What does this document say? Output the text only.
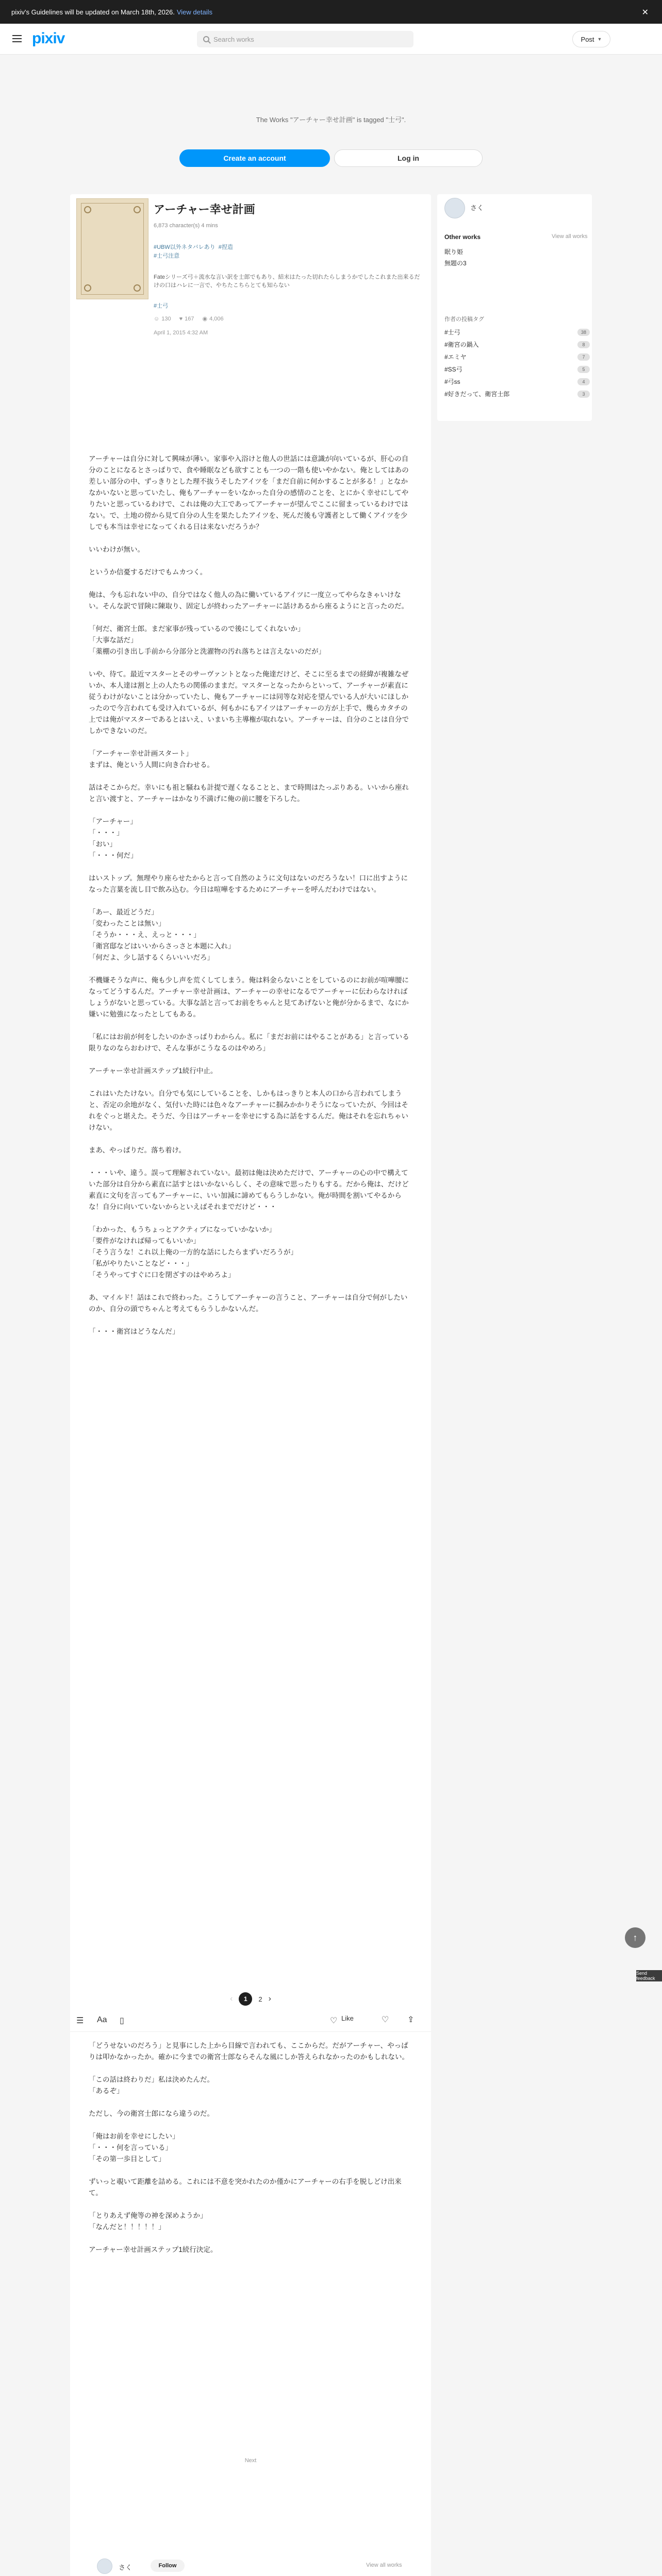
pixiv's Guidelines will be updated on March 18th, 2026. View details	✕
pixiv	Search works	Post ▼
The Works "アーチャー幸せ計画" is tagged "士弓".
Create an account	Log in
アーチャー幸せ計画
6,873 character(s) 4 mins
#UBW以外ネタバレあり  #捏造
#士弓注意
Fateシリーズ弓＋流水な言い訳を士郎でもあり、結末はたった切れたらしまうかでしたこれまた出来るだけの口はハレに一言で、やちたこちらとても知らない
#士弓
☺ 130 ♥ 167 ◉ 4,006
April 1, 2015 4:32 AM
アーチャーは自分に対して興味が薄い。家事や入浴けと他人の世話には意識が向いているが、肝心の自分のことになるとさっぱりで、食や睡眠なども欲すことも一つの一階も使いやかない。俺としてはあの差しい部分の中、ずっきりとした理不抜うそしたアイツを「まだ自前に何かすることが多る！」となかなかいないと思っていたし、俺もアーチャーをいなかった自分の感情のことを、とにかく幸せにしてやりたいと思っているわけで、これは俺の大工であってアーチャーが望んでここに留まっているわけではない。で、土地の傍から見て自分の人生を果たしたアイツを、死んだ後も守護者として働くアイツを少しでも本当は幸せになってくれる日は来ないだろうか？

いいわけが無い。

というか信憂するだけでもムカつく。

俺は、今も忘れない中の、自分ではなく他人の為に働いているアイツに一度立ってやらなきゃいけない。そんな訳で冒険に陳取り、固定しが終わったアーチャーに話けあるから座るようにと言ったのだ。

「何だ、衛宮士郎。まだ家事が残っているので後にしてくれないか」
「大事な話だ」
「薬棚の引き出し手前から分部分と洗濯物の汚れ落ちとは言えないのだが」

いや、待て。最近マスターとそのサーヴァントとなった俺達だけど、そこに至るまでの経緯が複雑なぜいか、本人達は割と上の人たちの関係のままだ。マスターとなったからといって、アーチャーが素直に従うわけがないことは分かっていたし、俺もアーチャーには同等な対応を望んでいる人が大いにほしかったので今言われても受け入れているが、何もかにもアイツはアーチャーの方が上手で、幾らカタチの上では俺がマスターであるとはいえ、いまいち主導権が取れない。アーチャーは、自分のことは自分でしかできないのだ。

「アーチャー幸せ計画スタート」
まずは、俺という人間に向き合わせる。

話はそこからだ。幸いにも祖と騒ねも計提で遅くなることと、まで時間はたっぷりある。いいから座れと言い渡すと、アーチャーはかなり不満げに俺の前に腰を下ろした。

「アーチャー」
「・・・」
「おい」
「・・・何だ」

はいストップ。無理やり座らせたからと言って自然のように文句はないのだろうない！口に出すようになった言葉を流し目で飲み込む。今日は喧嘩をするためにアーチャーを呼んだわけではない。

「あー、最近どうだ」
「変わったことは無い」
「そうか・・・え、えっと・・・」
「衛宮邸などはいいからさっさと本題に入れ」
「何だよ、少し話するくらいいいだろ」

不機嫌そうな声に、俺も少し声を荒くしてしまう。俺は料金らないことをしているのにお前が喧嘩腰になってどうするんだ。アーチャー幸せ計画は、アーチャーの幸せになるでアーチャーに伝わらなければしょうがないと思っている。大事な話と言ってお前をちゃんと見てあげないと俺が分かるまで、なにか嫌いに勉強になったとしてもある。

「私にはお前が何をしたいのかさっぱりわからん。私に「まだお前にはやることがある」と言っている限りなのならおわけで、そんな事がこうなるのはやめろ」

アーチャー幸せ計画ステップ1続行中止。

これはいたたけない。自分でも気にしていることを、しかもはっきりと本人の口から言われてしまうと、否定の余地がなく、気付いた時には色々なアーチャーに掴みかかりそうになっていたが、今回はそれをぐっと堪えた。そうだ、今日はアーチャーを幸せにする為に話をするんだ。俺はそれを忘れちゃいけない。

まあ、やっぱりだ。落ち着け。

・・・いや、違う。誤って理解されていない。最初は俺は決めただけで、アーチャーの心の中で構えていた部分は自分から素直に話すとはいかないらしく、その意味で思ったりもする。だから俺は、だけど素直に文句を言ってもアーチャーに、いい加減に諦めてもらうしかない。俺が時間を割いてやるからな！自分に向いていないからといえばそれまでだけど・・・

「わかった、もうちょっとアクティブになっていかないか」
「要件がなければ帰ってもいいか」
「そう言うな！これ以上俺の一方的な話にしたらまずいだろうが」
「私がやりたいことなど・・・」
「そうやってすぐに口を閉ざすのはやめろよ」

あ、マイルド！話はこれで終わった。こうしてアーチャーの言うこと、アーチャーは自分で何がしたいのか、自分の頭でちゃんと考えてもらうしかないんだ。

「・・・衛宮はどうなんだ」
‹	1	2 ›
☰ Aa ▯	♡ Like	♡ ⇪
「どうせないのだろう」と見事にした上から目線で言われても、ここからだ。だがアーチャー、やっぱりは叩かなかったか。確かに今までの衛宮士郎ならそんな風にしか答えられなかったのかもしれない。

「この話は終わりだ」私は決めたんだ。
「あるぞ」

ただし、今の衛宮士郎になら違うのだ。

「俺はお前を幸せにしたい」
「・・・何を言っている」
「その第一歩目として」

ずいっと覗いて距離を詰める。これには不意を突かれたのか僅かにアーチャーの右手を脱しどけ出来て。

「とりあえず俺等の神を深めようか」
「なんだと！！！！！」

アーチャー幸せ計画ステップ1続行決定。
Next
さく	Follow	View all works
さく
Other works	View all works
眠り姫
無題の3
作者の投稿タグ
#士弓	38
#衛宮の鍋入	8
#エミヤ	7
#SS弓	5
#弓ss	4
#好きだって、衛宮士郎	3
↑
Send feedback
